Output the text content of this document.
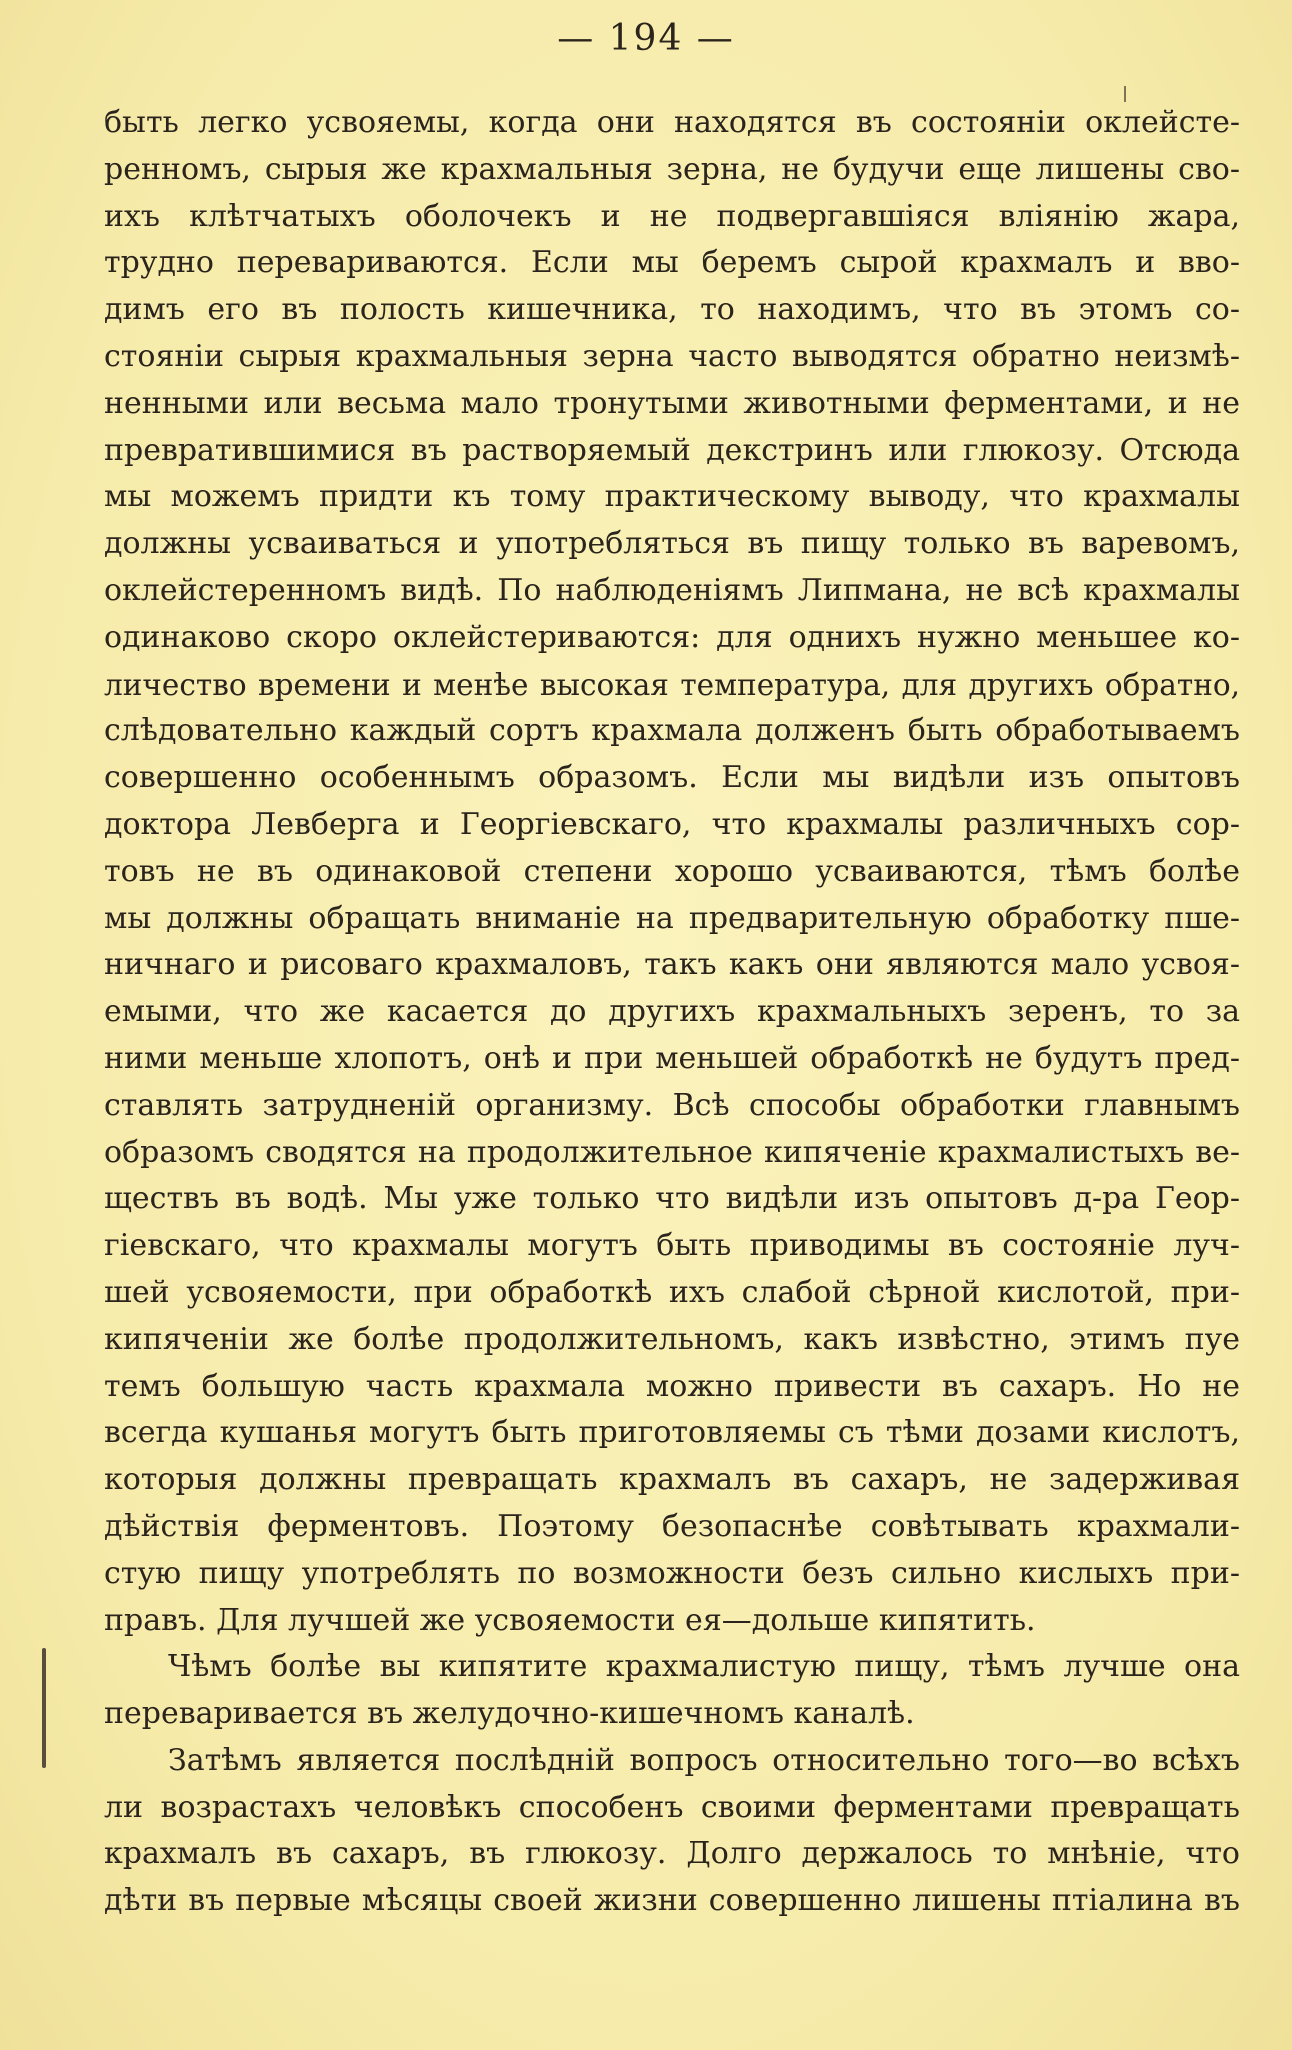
— 194 —
быть легко усвояемы, когда они находятся въ состоянiи оклейсте-
ренномъ, сырыя же крахмальныя зерна, не будучи еще лишены сво-
ихъ клѣтчатыхъ оболочекъ и не подвергавшiяся влiянiю жара,
трудно перевариваются. Если мы беремъ сырой крахмалъ и вво-
димъ его въ полость кишечника, то находимъ, что въ этомъ со-
стоянiи сырыя крахмальныя зерна часто выводятся обратно неизмѣ-
ненными или весьма мало тронутыми животными ферментами, и не
превратившимися въ растворяемый декстринъ или глюкозу. Отсюда
мы можемъ придти къ тому практическому выводу, что крахмалы
должны усваиваться и употребляться въ пищу только въ варевомъ,
оклейстеренномъ видѣ. По наблюденiямъ Липмана, не всѣ крахмалы
одинаково скоро оклейстериваются: для однихъ нужно меньшее ко-
личество времени и менѣе высокая температура, для другихъ обратно,
слѣдовательно каждый сортъ крахмала долженъ быть обработываемъ
совершенно особеннымъ образомъ. Если мы видѣли изъ опытовъ
доктора Левберга и Георгiевскаго, что крахмалы различныхъ сор-
товъ не въ одинаковой степени хорошо усваиваются, тѣмъ болѣе
мы должны обращать вниманiе на предварительную обработку пше-
ничнаго и рисоваго крахмаловъ, такъ какъ они являются мало усвоя-
емыми, что же касается до другихъ крахмальныхъ зеренъ, то за
ними меньше хлопотъ, онѣ и при меньшей обработкѣ не будутъ пред-
ставлять затрудненiй организму. Всѣ способы обработки главнымъ
образомъ сводятся на продолжительное кипяченiе крахмалистыхъ ве-
ществъ въ водѣ. Мы уже только что видѣли изъ опытовъ д-ра Геор-
гiевскаго, что крахмалы могутъ быть приводимы въ состоянiе луч-
шей усвояемости, при обработкѣ ихъ слабой сѣрной кислотой, при-
кипяченiи же болѣе продолжительномъ, какъ извѣстно, этимъ пуе
темъ большую часть крахмала можно привести въ сахаръ. Но не
всегда кушанья могутъ быть приготовляемы съ тѣми дозами кислотъ,
которыя должны превращать крахмалъ въ сахаръ, не задерживая
дѣйствiя ферментовъ. Поэтому безопаснѣе совѣтывать крахмали-
стую пищу употреблять по возможности безъ сильно кислыхъ при-
правъ. Для лучшей же усвояемости ея—дольше кипятить.
Чѣмъ болѣе вы кипятите крахмалистую пищу, тѣмъ лучше она
переваривается въ желудочно-кишечномъ каналѣ.
Затѣмъ является послѣднiй вопросъ относительно того—во всѣхъ
ли возрастахъ человѣкъ способенъ своими ферментами превращать
крахмалъ въ сахаръ, въ глюкозу. Долго держалось то мнѣнiе, что
дѣти въ первые мѣсяцы своей жизни совершенно лишены птiалина въ
